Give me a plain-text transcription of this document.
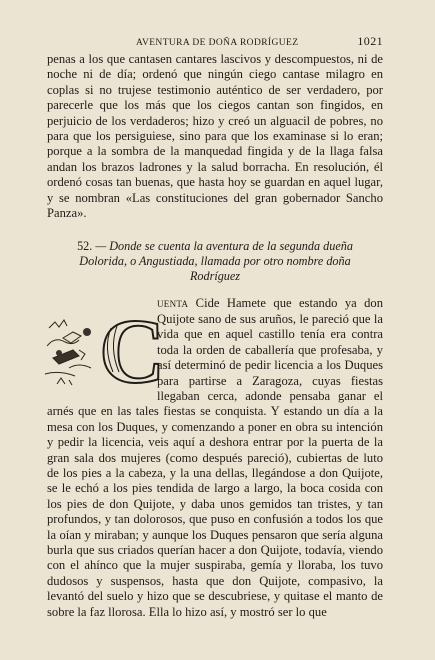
AVENTURA DE DOÑA RODRÍGUEZ	1021

penas a los que cantasen cantares lascivos y descompuestos, ni de noche ni de día; ordenó que ningún ciego cantase milagro en coplas si no trujese testimonio auténtico de ser verdadero, por parecerle que los más que los ciegos cantan son fingidos, en perjuicio de los verdaderos; hizo y creó un alguacil de pobres, no para que los persiguiese, sino para que los examinase si lo eran; porque a la sombra de la manquedad fingida y de la llaga falsa andan los brazos ladrones y la salud borracha. En resolución, él ordenó cosas tan buenas, que hasta hoy se guardan en aquel lugar, y se nombran «Las constituciones del gran gobernador Sancho Panza».

52. — Donde se cuenta la aventura de la segunda dueña Dolorida, o Angustiada, llamada por otro nombre doña Rodríguez

C
uenta Cide Hamete que estando ya don Quijote sano de sus aruños, le pareció que la vida que en aquel castillo tenía era contra toda la orden de caballería que profesaba, y así determinó de pedir licencia a los Duques para partirse a Zaragoza, cuyas fiestas llegaban cerca, adonde pensaba ganar el arnés que en las tales fiestas se conquista. Y estando un día a la mesa con los Duques, y comenzando a poner en obra su intención y pedir la licencia, veis aquí a deshora entrar por la puerta de la gran sala dos mujeres (como después pareció), cubiertas de luto de los pies a la cabeza, y la una dellas, llegándose a don Quijote, se le echó a los pies tendida de largo a largo, la boca cosida con los pies de don Quijote, y daba unos gemidos tan tristes, y tan profundos, y tan dolorosos, que puso en confusión a todos los que la oían y miraban; y aunque los Duques pensaron que sería alguna burla que sus criados querían hacer a don Quijote, todavía, viendo con el ahínco que la mujer suspiraba, gemía y lloraba, los tuvo dudosos y suspensos, hasta que don Quijote, compasivo, la levantó del suelo y hizo que se descubriese, y quitase el manto de sobre la faz llorosa. Ella lo hizo así, y mostró ser lo que
